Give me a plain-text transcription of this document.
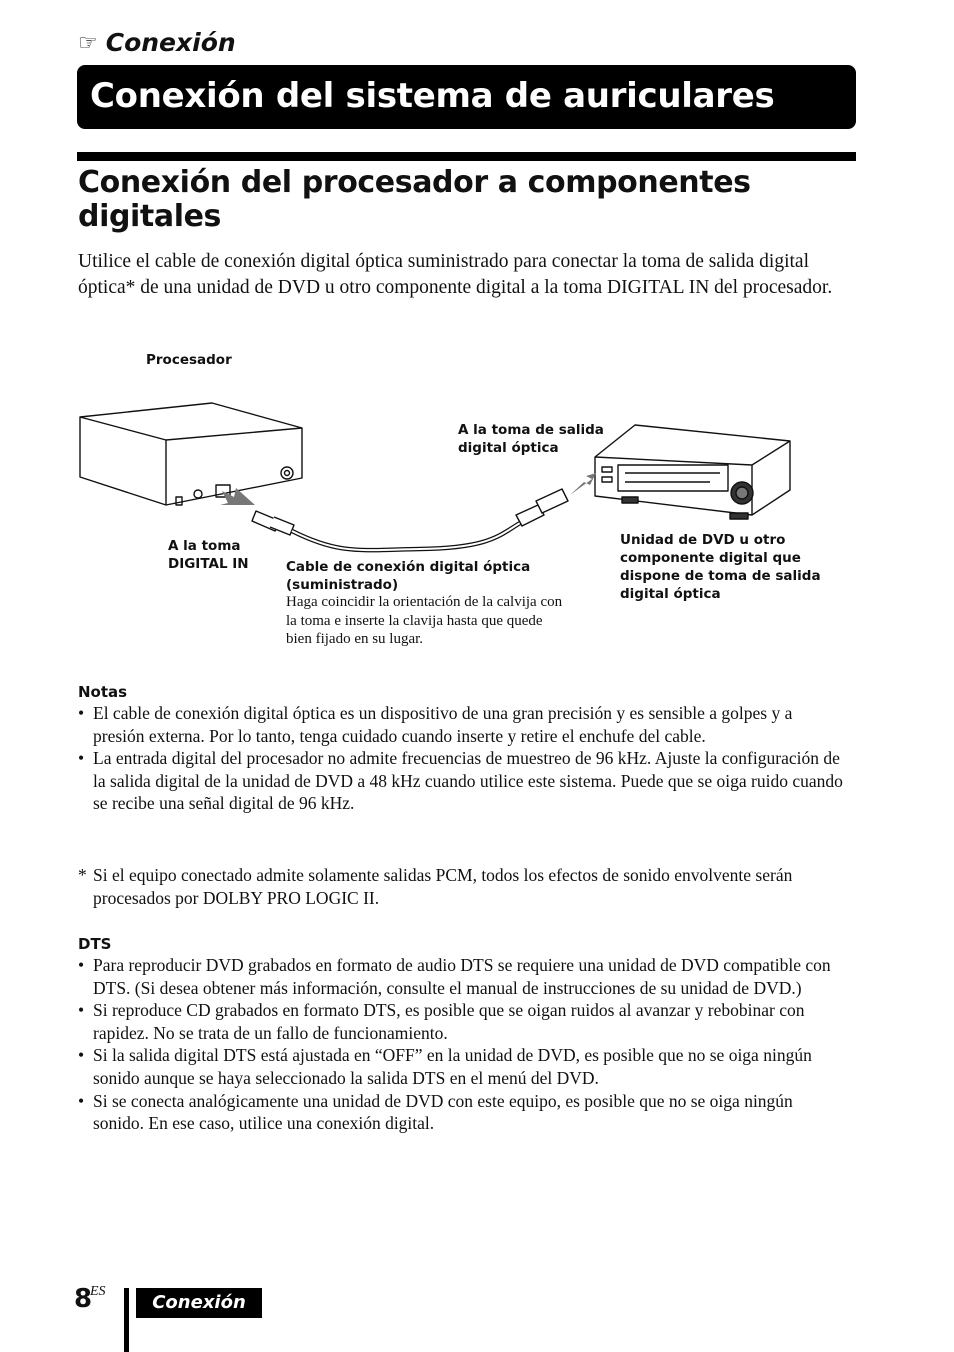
☞ Conexión
Conexión del sistema de auriculares
Conexión del procesador a componentes digitales

Utilice el cable de conexión digital óptica suministrado para conectar la toma de salida digital óptica* de una unidad de DVD u otro componente digital a la toma DIGITAL IN del procesador.

Procesador
A la toma de salida
digital óptica
A la toma
DIGITAL IN	Cable de conexión digital óptica
(suministrado)
Haga coincidir la orientación de la calvija con
la toma e inserte la clavija hasta que quede
bien fijado en su lugar.
Unidad de DVD u otro
componente digital que
dispone de toma de salida
digital óptica
Notas
• El cable de conexión digital óptica es un dispositivo de una gran precisión y es sensible a golpes y a presión externa. Por lo tanto, tenga cuidado cuando inserte y retire el enchufe del cable.
• La entrada digital del procesador no admite frecuencias de muestreo de 96 kHz. Ajuste la configuración de la salida digital de la unidad de DVD a 48 kHz cuando utilice este sistema. Puede que se oiga ruido cuando se recibe una señal digital de 96 kHz.
* Si el equipo conectado admite solamente salidas PCM, todos los efectos de sonido envolvente serán procesados por DOLBY PRO LOGIC II.
DTS
• Para reproducir DVD grabados en formato de audio DTS se requiere una unidad de DVD compatible con DTS. (Si desea obtener más información, consulte el manual de instrucciones de su unidad de DVD.)
• Si reproduce CD grabados en formato DTS, es posible que se oigan ruidos al avanzar y rebobinar con rapidez. No se trata de un fallo de funcionamiento.
• Si la salida digital DTS está ajustada en “OFF” en la unidad de DVD, es posible que no se oiga ningún sonido aunque se haya seleccionado la salida DTS en el menú del DVD.
• Si se conecta analógicamente una unidad de DVD con este equipo, es posible que no se oiga ningún sonido. En ese caso, utilice una conexión digital.
8
ES
Conexión
